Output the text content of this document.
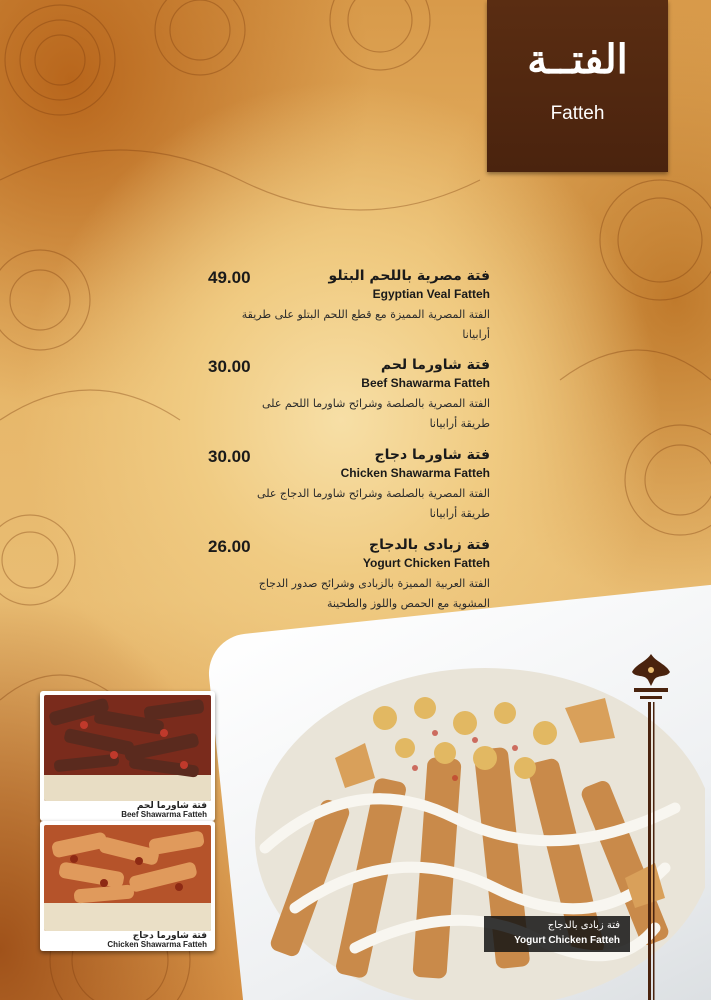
الفتــة
Fatteh
49.00	فتة مصرية باللحم البتلو
Egyptian Veal Fatteh
الفتة المصرية المميزة مع قطع اللحم البتلو على طريقة أرابيانا
30.00	فتة شاورما لحم
Beef Shawarma Fatteh
الفتة المصرية بالصلصة وشرائح شاورما اللحم على طريقة أرابيانا
30.00	فتة شاورما دجاج
Chicken Shawarma Fatteh
الفتة المصرية بالصلصة وشرائح شاورما الدجاج على طريقة أرابيانا
26.00	فتة زبادى بالدجاج
Yogurt Chicken Fatteh
الفتة العربية المميزة بالزبادى وشرائح صدور الدجاج المشوية مع الحمص واللوز والطحينة
فتة زبادى بالدجاج
Yogurt Chicken Fatteh
فتة شاورما لحم
Beef Shawarma Fatteh
فتة شاورما دجاج
Chicken Shawarma Fatteh
